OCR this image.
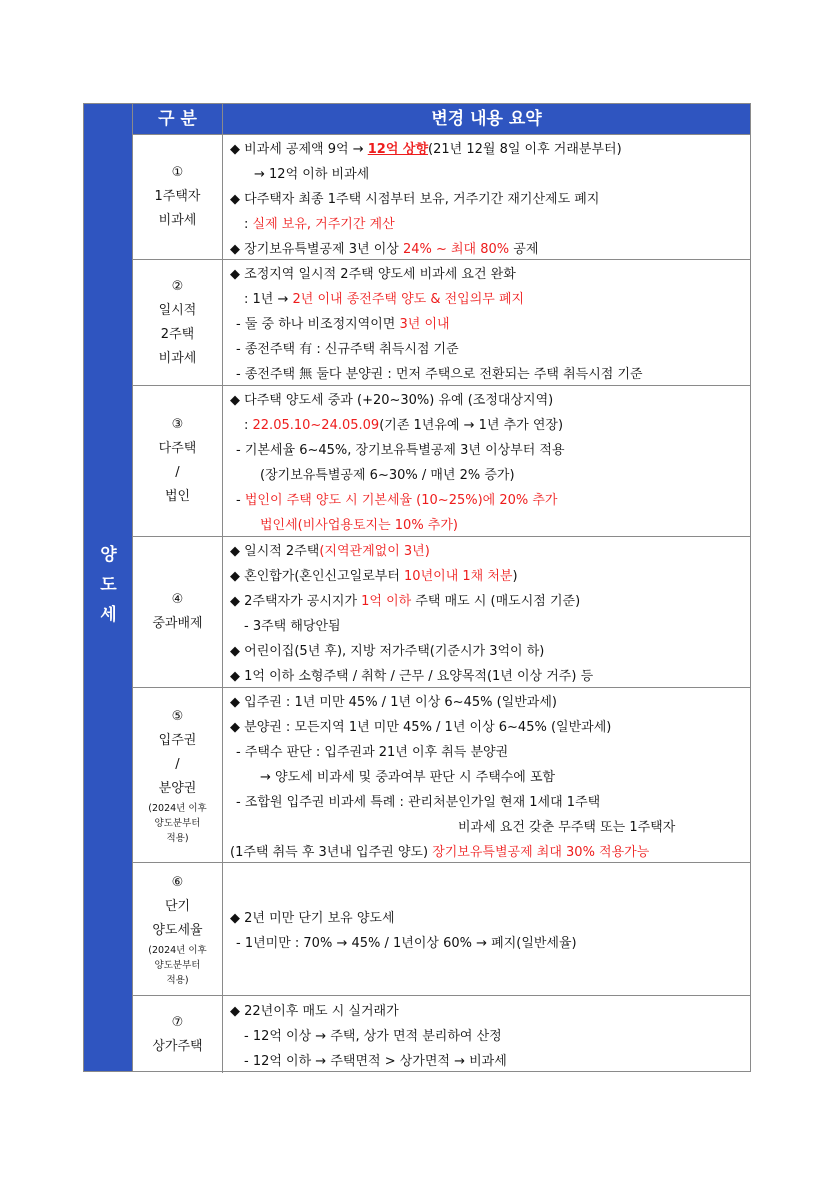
양
도
세
구 분	변경 내용 요약
①
1주택자
비과세
◆ 비과세 공제액 9억 → 12억 상향(21년 12월 8일 이후 거래분부터)
→ 12억 이하 비과세
◆ 다주택자 최종 1주택 시점부터 보유, 거주기간 재기산제도 폐지
: 실제 보유, 거주기간 계산
◆ 장기보유특별공제 3년 이상 24% ~ 최대 80% 공제
②
일시적
2주택
비과세
◆ 조정지역 일시적 2주택 양도세 비과세 요건 완화
: 1년 → 2년 이내 종전주택 양도 & 전입의무 폐지
- 둘 중 하나 비조정지역이면 3년 이내
- 종전주택 有 : 신규주택 취득시점 기준
- 종전주택 無 둘다 분양권 : 먼저 주택으로 전환되는 주택 취득시점 기준
③
다주택
/
법인
◆ 다주택 양도세 중과 (+20~30%) 유예 (조정대상지역)
: 22.05.10~24.05.09(기존 1년유예 → 1년 추가 연장)
- 기본세율 6~45%, 장기보유특별공제 3년 이상부터 적용
(장기보유특별공제 6~30% / 매년 2% 증가)
- 법인이 주택 양도 시 기본세율 (10~25%)에 20% 추가
법인세(비사업용토지는 10% 추가)
④
중과배제
◆ 일시적 2주택(지역관계없이 3년)
◆ 혼인합가(혼인신고일로부터 10년이내 1채 처분)
◆ 2주택자가 공시지가 1억 이하 주택 매도 시 (매도시점 기준)
- 3주택 해당안됨
◆ 어린이집(5년 후), 지방 저가주택(기준시가 3억이 하)
◆ 1억 이하 소형주택 / 취학 / 근무 / 요양목적(1년 이상 거주) 등
⑤
입주권
/
분양권
(2024년 이후
양도분부터
적용)
◆ 입주권 : 1년 미만 45% / 1년 이상 6~45% (일반과세)
◆ 분양권 : 모든지역 1년 미만 45% / 1년 이상 6~45% (일반과세)
- 주택수 판단 : 입주권과 21년 이후 취득 분양권
→ 양도세 비과세 및 중과여부 판단 시 주택수에 포함
- 조합원 입주권 비과세 특례 : 관리처분인가일 현재 1세대 1주택
비과세 요건 갖춘 무주택 또는 1주택자
(1주택 취득 후 3년내 입주권 양도) 장기보유특별공제 최대 30% 적용가능
⑥
단기
양도세율
(2024년 이후
양도분부터
적용)
◆ 2년 미만 단기 보유 양도세
- 1년미만 : 70% → 45% / 1년이상 60% → 폐지(일반세율)
⑦
상가주택
◆ 22년이후 매도 시 실거래가
- 12억 이상 → 주택, 상가 면적 분리하여 산정
- 12억 이하 → 주택면적 > 상가면적 → 비과세
